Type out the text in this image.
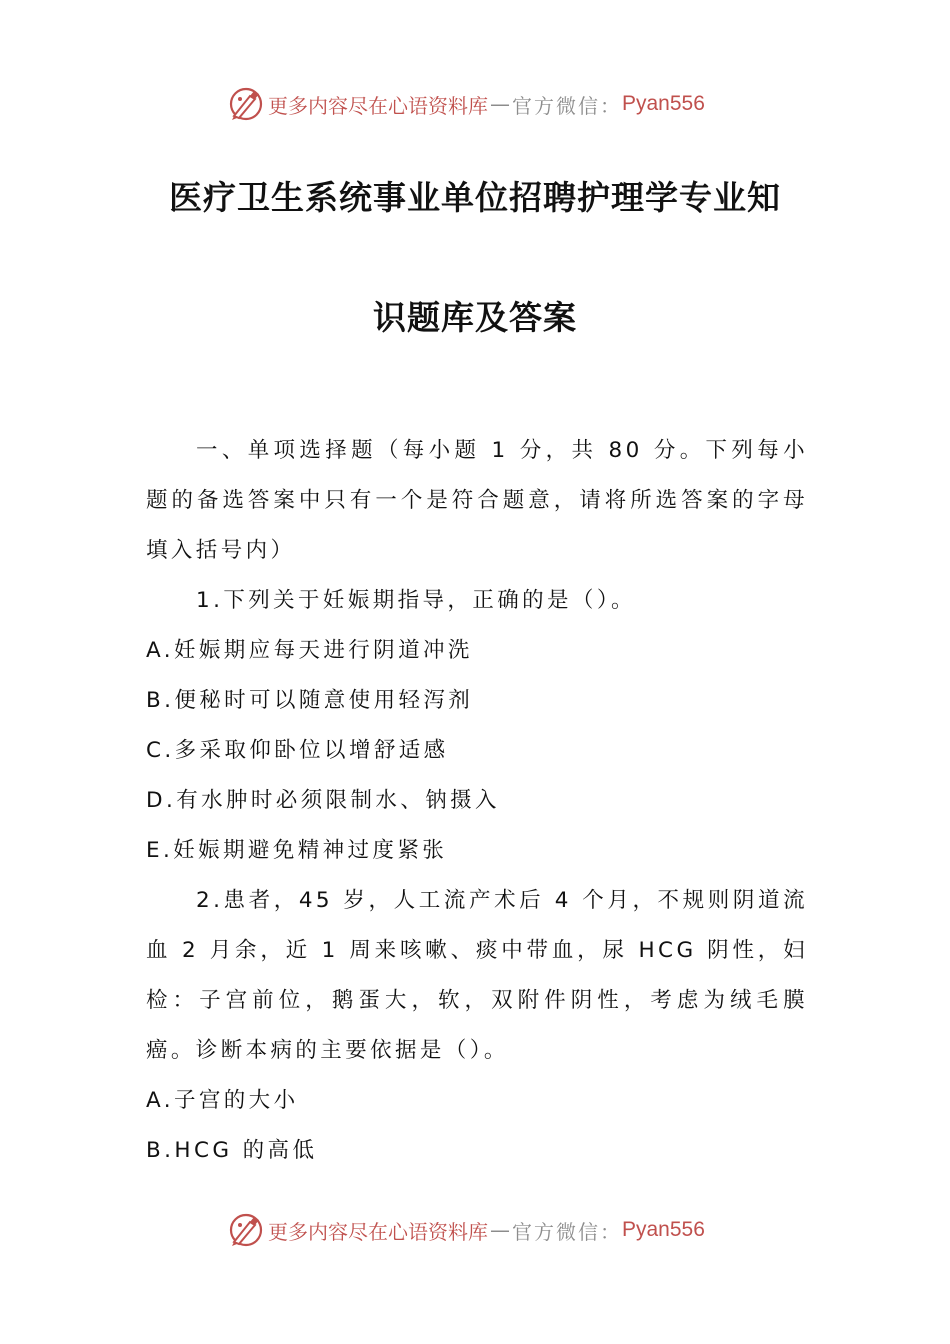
更多内容尽在心语资料库 — 官方微信： Pyan556
医疗卫生系统事业单位招聘护理学专业知
识题库及答案

一、单项选择题（每小题 1 分，共 80 分。下列每小题的备选答案中只有一个是符合题意，请将所选答案的字母填入括号内）

1.下列关于妊娠期指导，正确的是（）。

A.妊娠期应每天进行阴道冲洗

B.便秘时可以随意使用轻泻剂

C.多采取仰卧位以增舒适感

D.有水肿时必须限制水、钠摄入

E.妊娠期避免精神过度紧张

2.患者，45 岁，人工流产术后 4 个月，不规则阴道流血 2 月余，近 1 周来咳嗽、痰中带血，尿 HCG 阴性，妇检：子宫前位，鹅蛋大，软，双附件阴性，考虑为绒毛膜癌。诊断本病的主要依据是（）。

A.子宫的大小

B.HCG 的高低

更多内容尽在心语资料库 — 官方微信： Pyan556
